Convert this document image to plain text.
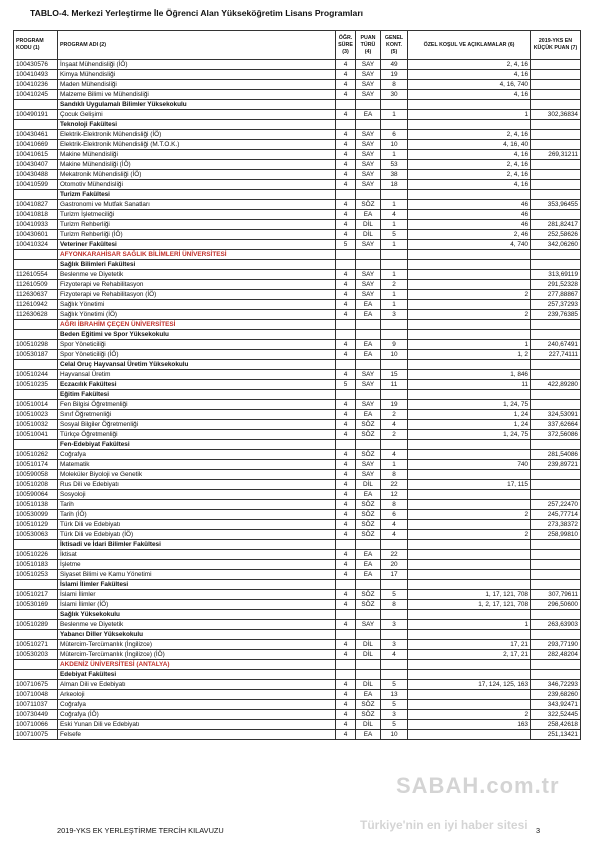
TABLO-4. Merkezi Yerleştirme İle Öğrenci Alan Yükseköğretim Lisans Programları
PROGRAM KODU (1)	PROGRAM ADI (2)	ÖĞR. SÜRE (3)	PUAN TÜRÜ (4)	GENEL KONT. (5)	ÖZEL KOŞUL VE AÇIKLAMALAR (6)	2019-YKS EN KÜÇÜK PUAN (7)
100430576	İnşaat Mühendisliği (İÖ)	4	SAY	49	2, 4, 16	
100410493	Kimya Mühendisliği	4	SAY	19	4, 16	
100410236	Maden Mühendisliği	4	SAY	8	4, 16, 740	
100410245	Malzeme Bilimi ve Mühendisliği	4	SAY	30	4, 16	
	Sandıklı Uygulamalı Bilimler Yüksekokulu					
100490191	Çocuk Gelişimi	4	EA	1	1	302,36834
	Teknoloji Fakültesi					
100430461	Elektrik-Elektronik Mühendisliği (İÖ)	4	SAY	6	2, 4, 16	
100410669	Elektrik-Elektronik Mühendisliği (M.T.O.K.)	4	SAY	10	4, 16, 40	
100410615	Makine Mühendisliği	4	SAY	1	4, 16	269,31211
100430407	Makine Mühendisliği (İÖ)	4	SAY	53	2, 4, 16	
100430488	Mekatronik Mühendisliği (İÖ)	4	SAY	38	2, 4, 16	
100410599	Otomotiv Mühendisliği	4	SAY	18	4, 16	
	Turizm Fakültesi					
100410827	Gastronomi ve Mutfak Sanatları	4	SÖZ	1	46	353,96455
100410818	Turizm İşletmeciliği	4	EA	4	46	
100410933	Turizm Rehberliği	4	DİL	1	46	281,82417
100430601	Turizm Rehberliği (İÖ)	4	DİL	5	2, 46	252,58626
100410324	Veteriner Fakültesi	5	SAY	1	4, 740	342,06260
	AFYONKARAHİSAR SAĞLIK BİLİMLERİ ÜNİVERSİTESİ					
	Sağlık Bilimleri Fakültesi					
112610554	Beslenme ve Diyetetik	4	SAY	1		313,69119
112610509	Fizyoterapi ve Rehabilitasyon	4	SAY	2		291,52328
112630637	Fizyoterapi ve Rehabilitasyon (İÖ)	4	SAY	1	2	277,88867
112610942	Sağlık Yönetimi	4	EA	1		257,37293
112630628	Sağlık Yönetimi (İÖ)	4	EA	3	2	239,76385
	AĞRI İBRAHİM ÇEÇEN ÜNİVERSİTESİ					
	Beden Eğitimi ve Spor Yüksekokulu					
100510298	Spor Yöneticiliği	4	EA	9	1	240,67491
100530187	Spor Yöneticiliği (İÖ)	4	EA	10	1, 2	227,74111
	Celal Oruç Hayvansal Üretim Yüksekokulu					
100510244	Hayvansal Üretim	4	SAY	15	1, 846	
100510235	Eczacılık Fakültesi	5	SAY	11	11	422,89280
	Eğitim Fakültesi					
100510014	Fen Bilgisi Öğretmenliği	4	SAY	19	1, 24, 75	
100510023	Sınıf Öğretmenliği	4	EA	2	1, 24	324,53091
100510032	Sosyal Bilgiler Öğretmenliği	4	SÖZ	4	1, 24	337,62664
100510041	Türkçe Öğretmenliği	4	SÖZ	2	1, 24, 75	372,56086
	Fen-Edebiyat Fakültesi					
100510262	Coğrafya	4	SÖZ	4		281,54086
100510174	Matematik	4	SAY	1	740	239,89721
100590058	Moleküler Biyoloji ve Genetik	4	SAY	8		
100510208	Rus Dili ve Edebiyatı	4	DİL	22	17, 115	
100590064	Sosyoloji	4	EA	12		
100510138	Tarih	4	SÖZ	8		257,22470
100530099	Tarih (İÖ)	4	SÖZ	6	2	245,77714
100510129	Türk Dili ve Edebiyatı	4	SÖZ	4		273,38372
100530063	Türk Dili ve Edebiyatı (İÖ)	4	SÖZ	4	2	258,99810
	İktisadi ve İdari Bilimler Fakültesi					
100510226	İktisat	4	EA	22		
100510183	İşletme	4	EA	20		
100510253	Siyaset Bilimi ve Kamu Yönetimi	4	EA	17		
	İslami İlimler Fakültesi					
100510217	İslami İlimler	4	SÖZ	5	1, 17, 121, 708	307,79611
100530169	İslami İlimler (İÖ)	4	SÖZ	8	1, 2, 17, 121, 708	296,50600
	Sağlık Yüksekokulu					
100510289	Beslenme ve Diyetetik	4	SAY	3	1	263,63903
	Yabancı Diller Yüksekokulu					
100510271	Mütercim-Tercümanlık (İngilizce)	4	DİL	3	17, 21	293,77190
100530203	Mütercim-Tercümanlık (İngilizce) (İÖ)	4	DİL	4	2, 17, 21	282,48204
	AKDENİZ ÜNİVERSİTESİ (ANTALYA)					
	Edebiyat Fakültesi					
100710675	Alman Dili ve Edebiyatı	4	DİL	5	17, 124, 125, 163	346,72293
100710048	Arkeoloji	4	EA	13		239,68260
100711037	Coğrafya	4	SÖZ	5		343,92471
100730449	Coğrafya (İÖ)	4	SÖZ	3	2	322,52445
100710066	Eski Yunan Dili ve Edebiyatı	4	DİL	5	163	258,42618
100710075	Felsefe	4	EA	10		251,13421
SABAH.com.tr
Türkiye'nin en iyi haber sitesi
2019-YKS EK YERLEŞTİRME TERCİH KILAVUZU	3
